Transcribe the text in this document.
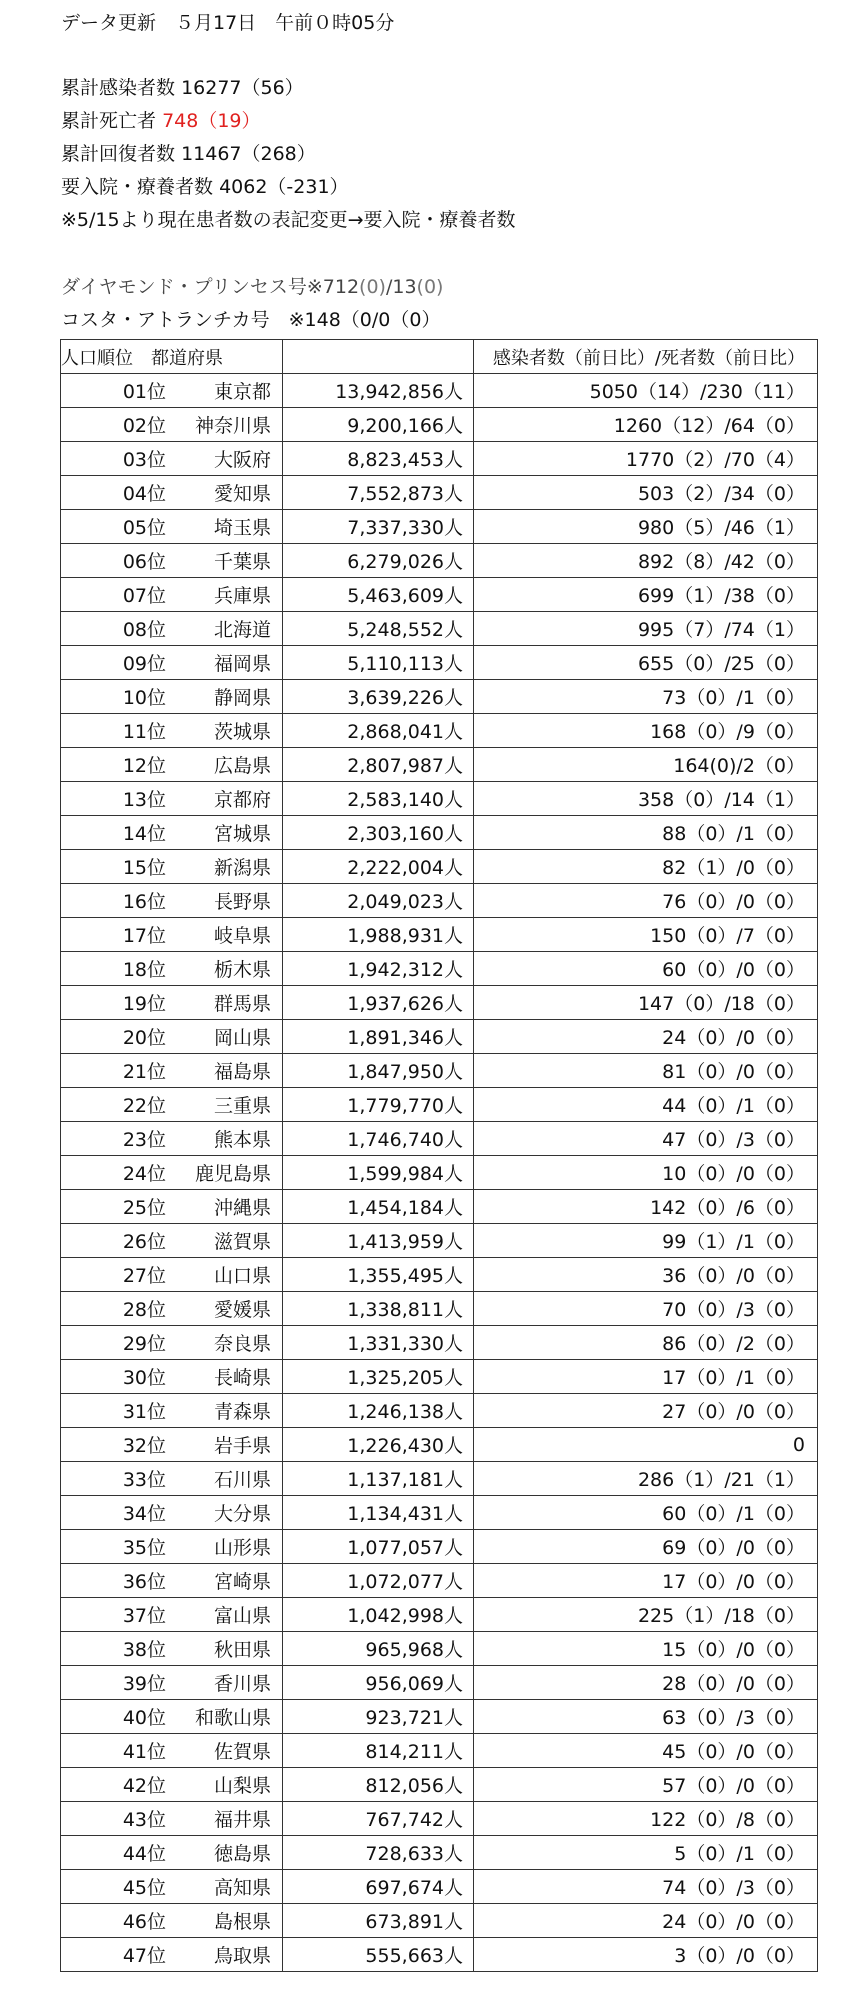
データ更新　５月17日　午前０時05分
累計感染者数 16277（56）
累計死亡者 748（19）
累計回復者数 11467（268）
要入院・療養者数 4062（-231）
※5/15より現在患者数の表記変更→要入院・療養者数
ダイヤモンド・プリンセス号※712(0)/13(0)
コスタ・アトランチカ号　※148（0/0（0）
人口順位　都道府県		感染者数（前日比）/死者数（前日比）
01位 東京都	13,942,856人	5050（14）/230（11）
02位 神奈川県	9,200,166人	1260（12）/64（0）
03位 大阪府	8,823,453人	1770（2）/70（4）
04位 愛知県	7,552,873人	503（2）/34（0）
05位 埼玉県	7,337,330人	980（5）/46（1）
06位 千葉県	6,279,026人	892（8）/42（0）
07位 兵庫県	5,463,609人	699（1）/38（0）
08位 北海道	5,248,552人	995（7）/74（1）
09位 福岡県	5,110,113人	655（0）/25（0）
10位 静岡県	3,639,226人	73（0）/1（0）
11位 茨城県	2,868,041人	168（0）/9（0）
12位 広島県	2,807,987人	164(0)/2（0）
13位 京都府	2,583,140人	358（0）/14（1）
14位 宮城県	2,303,160人	88（0）/1（0）
15位 新潟県	2,222,004人	82（1）/0（0）
16位 長野県	2,049,023人	76（0）/0（0）
17位 岐阜県	1,988,931人	150（0）/7（0）
18位 栃木県	1,942,312人	60（0）/0（0）
19位 群馬県	1,937,626人	147（0）/18（0）
20位 岡山県	1,891,346人	24（0）/0（0）
21位 福島県	1,847,950人	81（0）/0（0）
22位 三重県	1,779,770人	44（0）/1（0）
23位 熊本県	1,746,740人	47（0）/3（0）
24位 鹿児島県	1,599,984人	10（0）/0（0）
25位 沖縄県	1,454,184人	142（0）/6（0）
26位 滋賀県	1,413,959人	99（1）/1（0）
27位 山口県	1,355,495人	36（0）/0（0）
28位 愛媛県	1,338,811人	70（0）/3（0）
29位 奈良県	1,331,330人	86（0）/2（0）
30位 長崎県	1,325,205人	17（0）/1（0）
31位 青森県	1,246,138人	27（0）/0（0）
32位 岩手県	1,226,430人	0
33位 石川県	1,137,181人	286（1）/21（1）
34位 大分県	1,134,431人	60（0）/1（0）
35位 山形県	1,077,057人	69（0）/0（0）
36位 宮崎県	1,072,077人	17（0）/0（0）
37位 富山県	1,042,998人	225（1）/18（0）
38位 秋田県	965,968人	15（0）/0（0）
39位 香川県	956,069人	28（0）/0（0）
40位 和歌山県	923,721人	63（0）/3（0）
41位 佐賀県	814,211人	45（0）/0（0）
42位 山梨県	812,056人	57（0）/0（0）
43位 福井県	767,742人	122（0）/8（0）
44位 徳島県	728,633人	5（0）/1（0）
45位 高知県	697,674人	74（0）/3（0）
46位 島根県	673,891人	24（0）/0（0）
47位 鳥取県	555,663人	3（0）/0（0）
